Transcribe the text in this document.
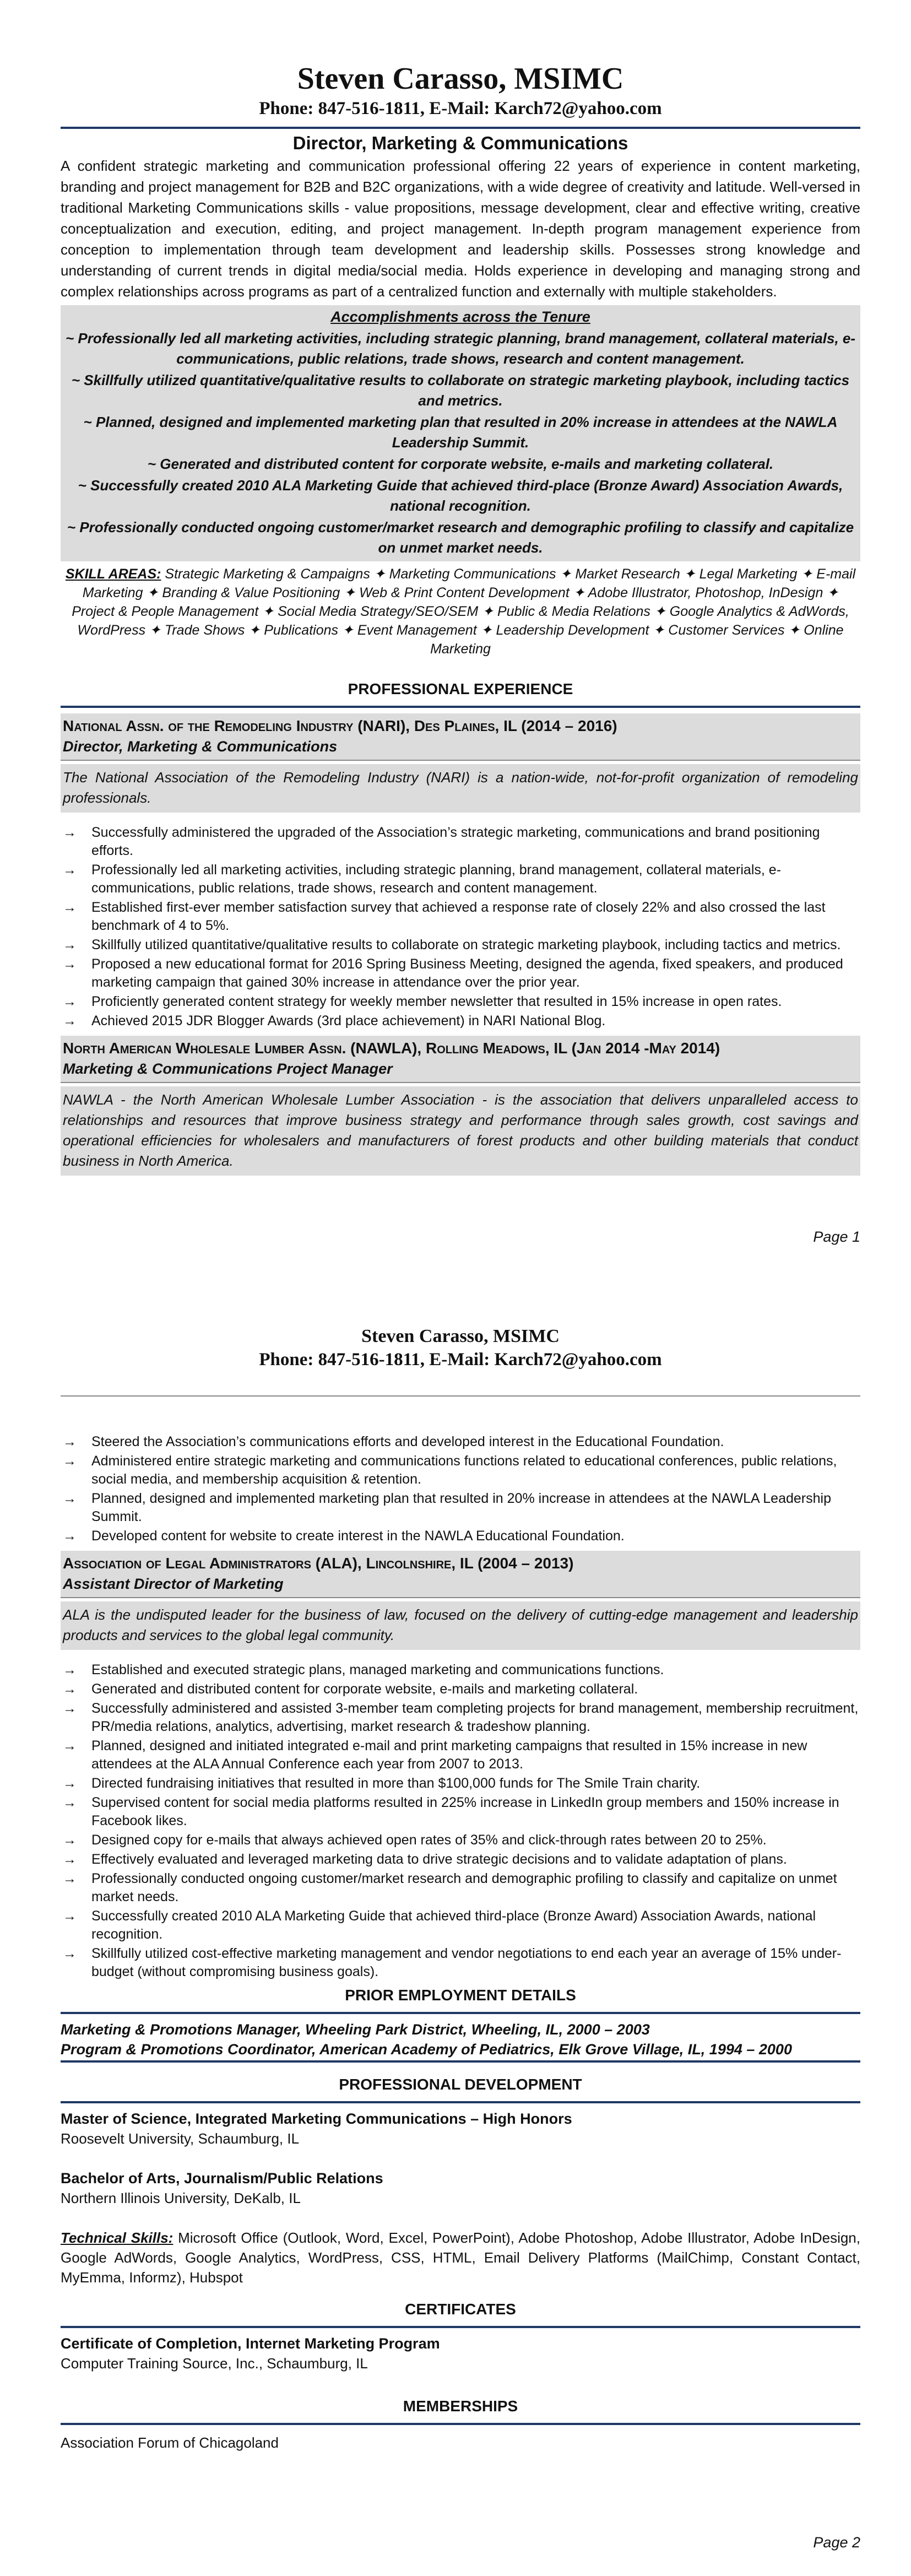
Steven Carasso, MSIMC
Phone: 847-516-1811, E-Mail: Karch72@yahoo.com
Director, Marketing & Communications
A confident strategic marketing and communication professional offering 22 years of experience in content marketing, branding and project management for B2B and B2C organizations, with a wide degree of creativity and latitude. Well-versed in traditional Marketing Communications skills - value propositions, message development, clear and effective writing, creative conceptualization and execution, editing, and project management. In-depth program management experience from conception to implementation through team development and leadership skills. Possesses strong knowledge and understanding of current trends in digital media/social media. Holds experience in developing and managing strong and complex relationships across programs as part of a centralized function and externally with multiple stakeholders.
Accomplishments across the Tenure
~ Professionally led all marketing activities, including strategic planning, brand management, collateral materials, e-communications, public relations, trade shows, research and content management.
~ Skillfully utilized quantitative/qualitative results to collaborate on strategic marketing playbook, including tactics and metrics.
~ Planned, designed and implemented marketing plan that resulted in 20% increase in attendees at the NAWLA Leadership Summit.
~ Generated and distributed content for corporate website, e-mails and marketing collateral.
~ Successfully created 2010 ALA Marketing Guide that achieved third-place (Bronze Award) Association Awards, national recognition.
~ Professionally conducted ongoing customer/market research and demographic profiling to classify and capitalize on unmet market needs.
SKILL AREAS: Strategic Marketing & Campaigns ✦ Marketing Communications ✦ Market Research ✦ Legal Marketing ✦ E-mail Marketing ✦ Branding & Value Positioning ✦ Web & Print Content Development ✦ Adobe Illustrator, Photoshop, InDesign ✦ Project & People Management ✦ Social Media Strategy/SEO/SEM ✦ Public & Media Relations ✦ Google Analytics & AdWords, WordPress ✦ Trade Shows ✦ Publications ✦ Event Management ✦ Leadership Development ✦ Customer Services ✦ Online Marketing
PROFESSIONAL EXPERIENCE
National Assn. of the Remodeling Industry (NARI), Des Plaines, IL (2014 – 2016)
Director, Marketing & Communications
The National Association of the Remodeling Industry (NARI) is a nation-wide, not-for-profit organization of remodeling professionals.
→ Successfully administered the upgraded of the Association’s strategic marketing, communications and brand positioning efforts.
→ Professionally led all marketing activities, including strategic planning, brand management, collateral materials, e-communications, public relations, trade shows, research and content management.
→ Established first-ever member satisfaction survey that achieved a response rate of closely 22% and also crossed the last benchmark of 4 to 5%.
→ Skillfully utilized quantitative/qualitative results to collaborate on strategic marketing playbook, including tactics and metrics.
→ Proposed a new educational format for 2016 Spring Business Meeting, designed the agenda, fixed speakers, and produced marketing campaign that gained 30% increase in attendance over the prior year.
→ Proficiently generated content strategy for weekly member newsletter that resulted in 15% increase in open rates.
→ Achieved 2015 JDR Blogger Awards (3rd place achievement) in NARI National Blog.
North American Wholesale Lumber Assn. (NAWLA), Rolling Meadows, IL (Jan 2014 -May 2014)
Marketing & Communications Project Manager
NAWLA - the North American Wholesale Lumber Association - is the association that delivers unparalleled access to relationships and resources that improve business strategy and performance through sales growth, cost savings and operational efficiencies for wholesalers and manufacturers of forest products and other building materials that conduct business in North America.
Page 1
Steven Carasso, MSIMC
Phone: 847-516-1811, E-Mail: Karch72@yahoo.com
→ Steered the Association’s communications efforts and developed interest in the Educational Foundation.
→ Administered entire strategic marketing and communications functions related to educational conferences, public relations, social media, and membership acquisition & retention.
→ Planned, designed and implemented marketing plan that resulted in 20% increase in attendees at the NAWLA Leadership Summit.
→ Developed content for website to create interest in the NAWLA Educational Foundation.
Association of Legal Administrators (ALA), Lincolnshire, IL (2004 – 2013)
Assistant Director of Marketing
ALA is the undisputed leader for the business of law, focused on the delivery of cutting-edge management and leadership products and services to the global legal community.
→ Established and executed strategic plans, managed marketing and communications functions.
→ Generated and distributed content for corporate website, e-mails and marketing collateral.
→ Successfully administered and assisted 3-member team completing projects for brand management, membership recruitment, PR/media relations, analytics, advertising, market research & tradeshow planning.
→ Planned, designed and initiated integrated e-mail and print marketing campaigns that resulted in 15% increase in new attendees at the ALA Annual Conference each year from 2007 to 2013.
→ Directed fundraising initiatives that resulted in more than $100,000 funds for The Smile Train charity.
→ Supervised content for social media platforms resulted in 225% increase in LinkedIn group members and 150% increase in Facebook likes.
→ Designed copy for e-mails that always achieved open rates of 35% and click-through rates between 20 to 25%.
→ Effectively evaluated and leveraged marketing data to drive strategic decisions and to validate adaptation of plans.
→ Professionally conducted ongoing customer/market research and demographic profiling to classify and capitalize on unmet market needs.
→ Successfully created 2010 ALA Marketing Guide that achieved third-place (Bronze Award) Association Awards, national recognition.
→ Skillfully utilized cost-effective marketing management and vendor negotiations to end each year an average of 15% under-budget (without compromising business goals).
PRIOR EMPLOYMENT DETAILS
Marketing & Promotions Manager, Wheeling Park District, Wheeling, IL, 2000 – 2003
Program & Promotions Coordinator, American Academy of Pediatrics, Elk Grove Village, IL, 1994 – 2000
PROFESSIONAL DEVELOPMENT
Master of Science, Integrated Marketing Communications – High Honors
Roosevelt University, Schaumburg, IL
Bachelor of Arts, Journalism/Public Relations
Northern Illinois University, DeKalb, IL
Technical Skills: Microsoft Office (Outlook, Word, Excel, PowerPoint), Adobe Photoshop, Adobe Illustrator, Adobe InDesign, Google AdWords, Google Analytics, WordPress, CSS, HTML, Email Delivery Platforms (MailChimp, Constant Contact, MyEmma, Informz), Hubspot
CERTIFICATES
Certificate of Completion, Internet Marketing Program
Computer Training Source, Inc., Schaumburg, IL
MEMBERSHIPS
Association Forum of Chicagoland
Page 2
